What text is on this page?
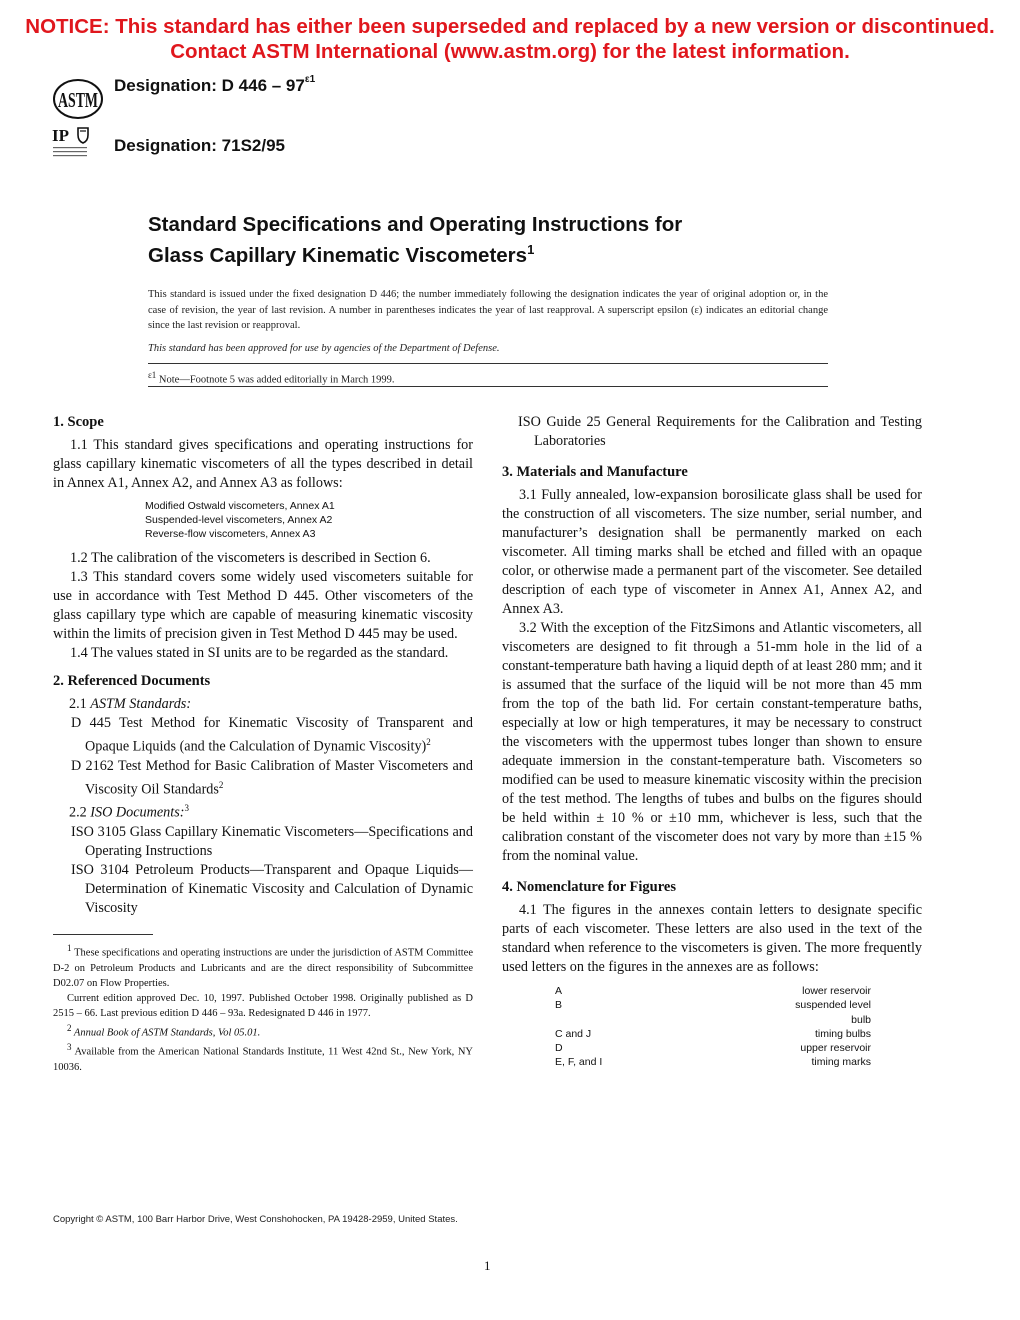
NOTICE: This standard has either been superseded and replaced by a new version or discontinued.
Contact ASTM International (www.astm.org) for the latest information.
ASTM
Designation: D $446 - 97^{\varepsilon 1}$
IP
Designation: 71S2/95
Standard Specifications and Operating Instructions for
Glass Capillary Kinematic Viscometers$^1$
This standard is issued under the fixed designation D 446; the number immediately following the designation indicates the year of original adoption or, in the case of revision, the year of last revision. A number in parentheses indicates the year of last reapproval. A superscript epsilon (ε) indicates an editorial change since the last revision or reapproval.
This standard has been approved for use by agencies of the Department of Defense.
$^{\varepsilon 1}$ Note—Footnote 5 was added editorially in March 1999.
1. Scope

1.1 This standard gives specifications and operating instructions for glass capillary kinematic viscometers of all the types described in detail in Annex A1, Annex A2, and Annex A3 as follows:

Modified Ostwald viscometers, Annex A1
Suspended-level viscometers, Annex A2
Reverse-flow viscometers, Annex A3

1.2 The calibration of the viscometers is described in Section 6.

1.3 This standard covers some widely used viscometers suitable for use in accordance with Test Method D 445. Other viscometers of the glass capillary type which are capable of measuring kinematic viscosity within the limits of precision given in Test Method D 445 may be used.

1.4 The values stated in SI units are to be regarded as the standard.

2. Referenced Documents
2.1 ASTM Standards:
D 445 Test Method for Kinematic Viscosity of Transparent and Opaque Liquids (and the Calculation of Dynamic Viscosity)$^2$
D 2162 Test Method for Basic Calibration of Master Viscometers and Viscosity Oil Standards$^2$
2.2 ISO Documents:$^3$
ISO 3105 Glass Capillary Kinematic Viscometers—Specifications and Operating Instructions
ISO 3104 Petroleum Products—Transparent and Opaque Liquids—Determination of Kinematic Viscosity and Calculation of Dynamic Viscosity

$^1$ These specifications and operating instructions are under the jurisdiction of ASTM Committee D-2 on Petroleum Products and Lubricants and are the direct responsibility of Subcommittee D02.07 on Flow Properties.

Current edition approved Dec. 10, 1997. Published October 1998. Originally published as D 2515 – 66. Last previous edition D 446 – 93a. Redesignated D 446 in 1977.

$^2$ Annual Book of ASTM Standards, Vol 05.01.

$^3$ Available from the American National Standards Institute, 11 West 42nd St., New York, NY 10036.

ISO Guide 25 General Requirements for the Calibration and Testing Laboratories
3. Materials and Manufacture

3.1 Fully annealed, low-expansion borosilicate glass shall be used for the construction of all viscometers. The size number, serial number, and manufacturer’s designation shall be permanently marked on each viscometer. All timing marks shall be etched and filled with an opaque color, or otherwise made a permanent part of the viscometer. See detailed description of each type of viscometer in Annex A1, Annex A2, and Annex A3.

3.2 With the exception of the FitzSimons and Atlantic viscometers, all viscometers are designed to fit through a 51-mm hole in the lid of a constant-temperature bath having a liquid depth of at least 280 mm; and it is assumed that the surface of the liquid will be not more than 45 mm from the top of the bath lid. For certain constant-temperature baths, especially at low or high temperatures, it may be necessary to construct the viscometers with the uppermost tubes longer than shown to ensure adequate immersion in the constant-temperature bath. Viscometers so modified can be used to measure kinematic viscosity within the precision of the test method. The lengths of tubes and bulbs on the figures should be held within ± 10 % or ±10 mm, whichever is less, such that the calibration constant of the viscometer does not vary by more than ±15 % from the nominal value.

4. Nomenclature for Figures

4.1 The figures in the annexes contain letters to designate specific parts of each viscometer. These letters are also used in the text of the standard when reference to the viscometers is given. The more frequently used letters on the figures in the annexes are as follows:

A	lower reservoir
B	suspended level
bulb
C and J	timing bulbs
D	upper reservoir
E, F, and I	timing marks
Copyright © ASTM, 100 Barr Harbor Drive, West Conshohocken, PA 19428-2959, United States.
1
